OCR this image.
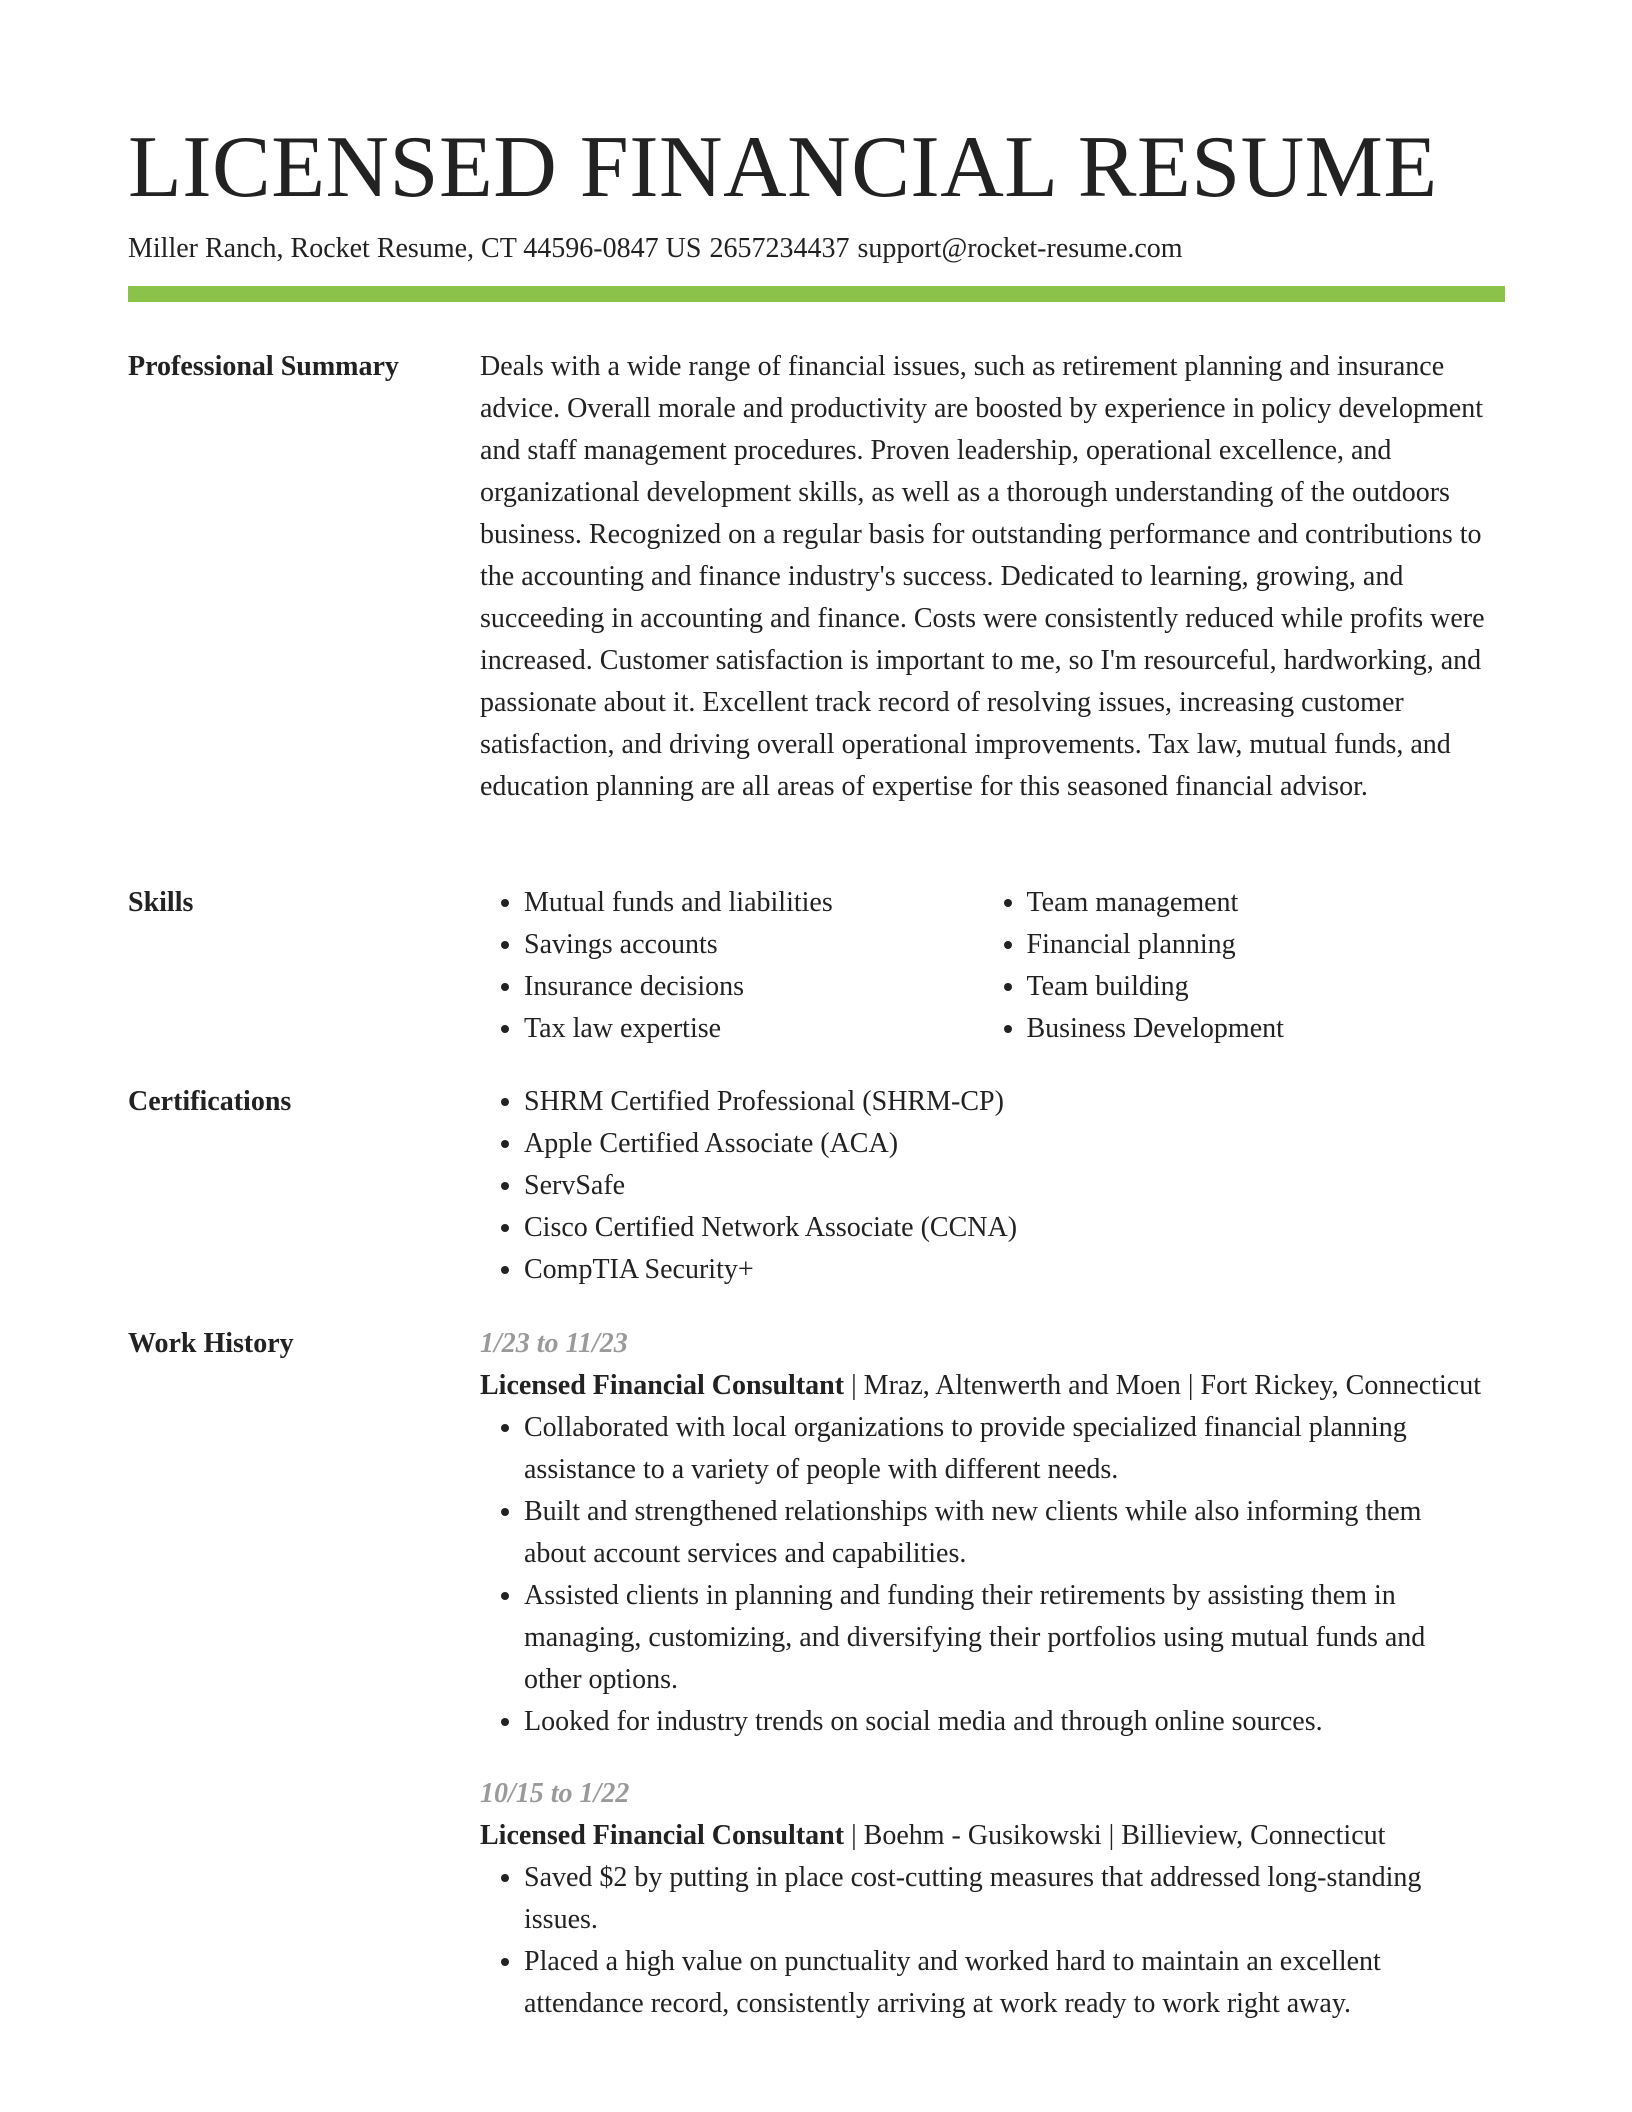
LICENSED FINANCIAL RESUME
Miller Ranch, Rocket Resume, CT 44596-0847 US 2657234437 support@rocket-resume.com
Professional Summary	Deals with a wide range of financial issues, such as retirement planning and insurance advice. Overall morale and productivity are boosted by experience in policy development and staff management procedures. Proven leadership, operational excellence, and organizational development skills, as well as a thorough understanding of the outdoors business. Recognized on a regular basis for outstanding performance and contributions to the accounting and finance industry's success. Dedicated to learning, growing, and succeeding in accounting and finance. Costs were consistently reduced while profits were increased. Customer satisfaction is important to me, so I'm resourceful, hardworking, and passionate about it. Excellent track record of resolving issues, increasing customer satisfaction, and driving overall operational improvements. Tax law, mutual funds, and education planning are all areas of expertise for this seasoned financial advisor.

Skills	• Mutual funds and liabilities
• Savings accounts
• Insurance decisions
• Tax law expertise
• Team management
• Financial planning
• Team building
• Business Development
Certifications	• SHRM Certified Professional (SHRM-CP)
• Apple Certified Associate (ACA)
• ServSafe
• Cisco Certified Network Associate (CCNA)
• CompTIA Security+
Work History	1/23 to 11/23
Licensed Financial Consultant | Mraz, Altenwerth and Moen | Fort Rickey, Connecticut
• Collaborated with local organizations to provide specialized financial planning assistance to a variety of people with different needs.
• Built and strengthened relationships with new clients while also informing them about account services and capabilities.
• Assisted clients in planning and funding their retirements by assisting them in managing, customizing, and diversifying their portfolios using mutual funds and other options.
• Looked for industry trends on social media and through online sources.
10/15 to 1/22
Licensed Financial Consultant | Boehm - Gusikowski | Billieview, Connecticut
• Saved $2 by putting in place cost-cutting measures that addressed long-standing issues.
• Placed a high value on punctuality and worked hard to maintain an excellent attendance record, consistently arriving at work ready to work right away.
